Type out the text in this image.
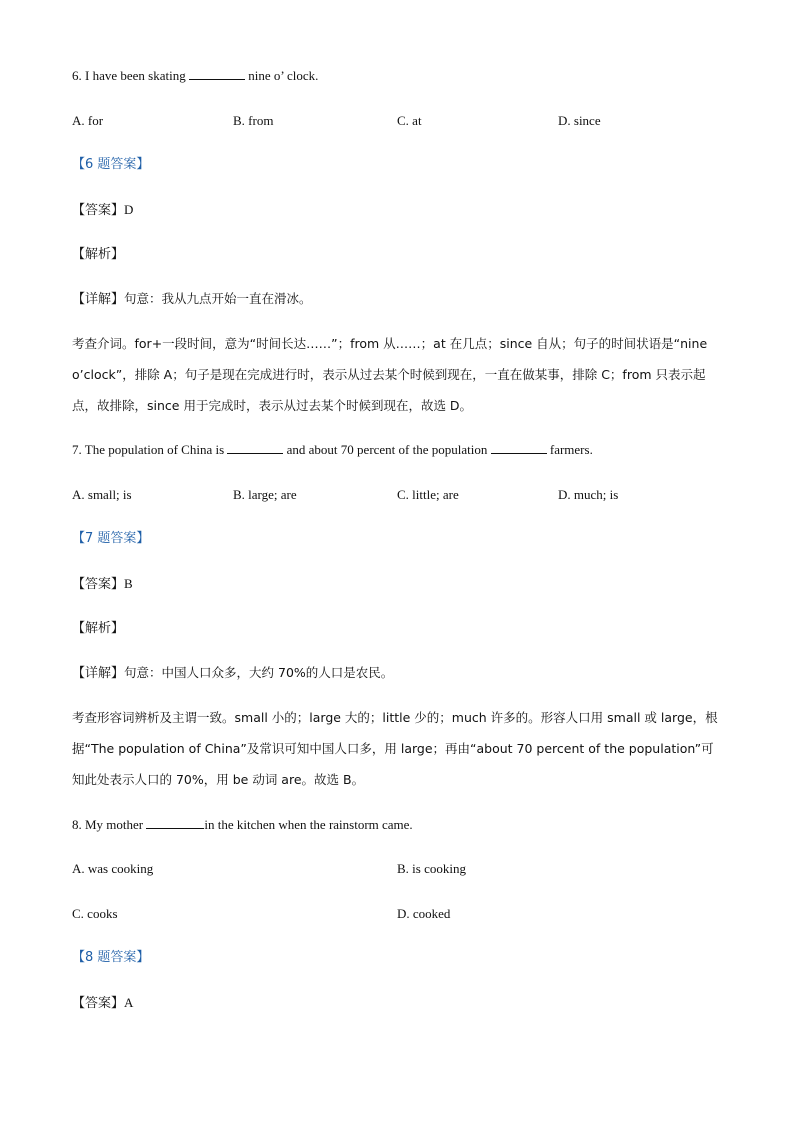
6. I have been skating	nine o’ clock.
A. for	B. from	C. at	D. since
【6 题答案】
【答案】D
【解析】
【详解】句意：我从九点开始一直在滑冰。
考查介词。for+一段时间，意为“时间长达……”；from 从……；at 在几点；since 自从；句子的时间状语是“nine o’clock”，排除 A；句子是现在完成进行时，表示从过去某个时候到现在，一直在做某事，排除 C；from 只表示起点，故排除，since 用于完成时，表示从过去某个时候到现在，故选 D。
7. The population of China is	and about 70 percent of the population	farmers.
A. small; is	B. large; are	C. little; are	D. much; is
【7 题答案】
【答案】B
【解析】
【详解】句意：中国人口众多，大约 70%的人口是农民。
考查形容词辨析及主谓一致。small 小的；large 大的；little 少的；much 许多的。形容人口用 small 或 large，根据“The population of China”及常识可知中国人口多，用 large；再由“about 70 percent of the population”可知此处表示人口的 70%，用 be 动词 are。故选 B。
8. My mother	in the kitchen when the rainstorm came.
A. was cooking	B. is cooking
C. cooks	D. cooked
【8 题答案】
【答案】A
